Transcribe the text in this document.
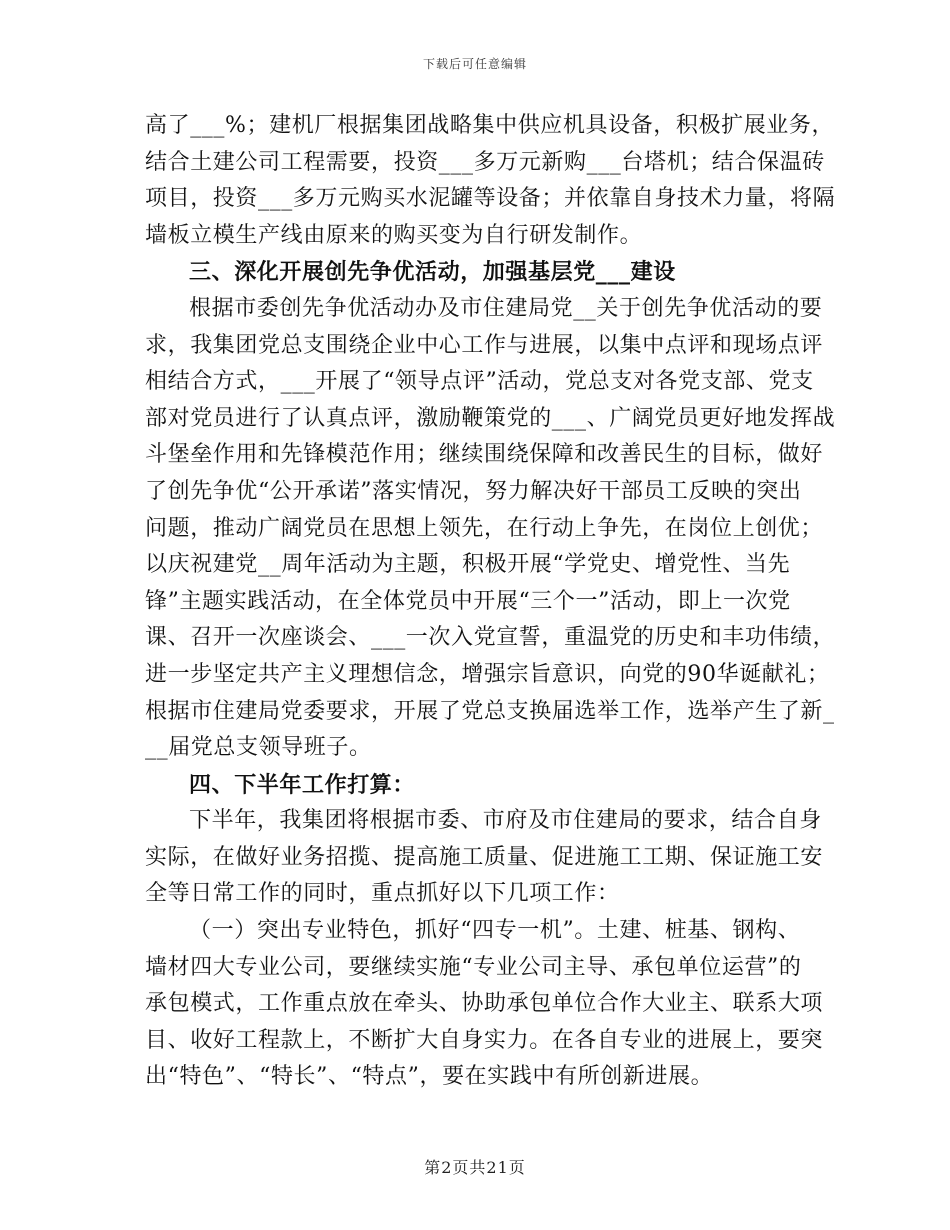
下载后可任意编辑
高了___%；建机厂根据集团战略集中供应机具设备，积极扩展业务，
结合土建公司工程需要，投资___多万元新购___台塔机；结合保温砖
项目，投资___多万元购买水泥罐等设备；并依靠自身技术力量，将隔
墙板立模生产线由原来的购买变为自行研发制作。
三、深化开展创先争优活动，加强基层党___建设
根据市委创先争优活动办及市住建局党__关于创先争优活动的要
求，我集团党总支围绕企业中心工作与进展，以集中点评和现场点评
相结合方式，___开展了“领导点评”活动，党总支对各党支部、党支
部对党员进行了认真点评，激励鞭策党的___、广阔党员更好地发挥战
斗堡垒作用和先锋模范作用；继续围绕保障和改善民生的目标，做好
了创先争优“公开承诺”落实情况，努力解决好干部员工反映的突出
问题，推动广阔党员在思想上领先，在行动上争先，在岗位上创优；
以庆祝建党__周年活动为主题，积极开展“学党史、增党性、当先
锋”主题实践活动，在全体党员中开展“三个一”活动，即上一次党
课、召开一次座谈会、___一次入党宣誓，重温党的历史和丰功伟绩，
进一步坚定共产主义理想信念，增强宗旨意识，向党的90华诞献礼；
根据市住建局党委要求，开展了党总支换届选举工作，选举产生了新_
__届党总支领导班子。
四、下半年工作打算：
下半年，我集团将根据市委、市府及市住建局的要求，结合自身
实际，在做好业务招揽、提高施工质量、促进施工工期、保证施工安
全等日常工作的同时，重点抓好以下几项工作：
（一）突出专业特色，抓好“四专一机”。土建、桩基、钢构、
墙材四大专业公司，要继续实施“专业公司主导、承包单位运营”的
承包模式，工作重点放在牵头、协助承包单位合作大业主、联系大项
目、收好工程款上，不断扩大自身实力。在各自专业的进展上，要突
出“特色”、“特长”、“特点”，要在实践中有所创新进展。
第2页共21页
